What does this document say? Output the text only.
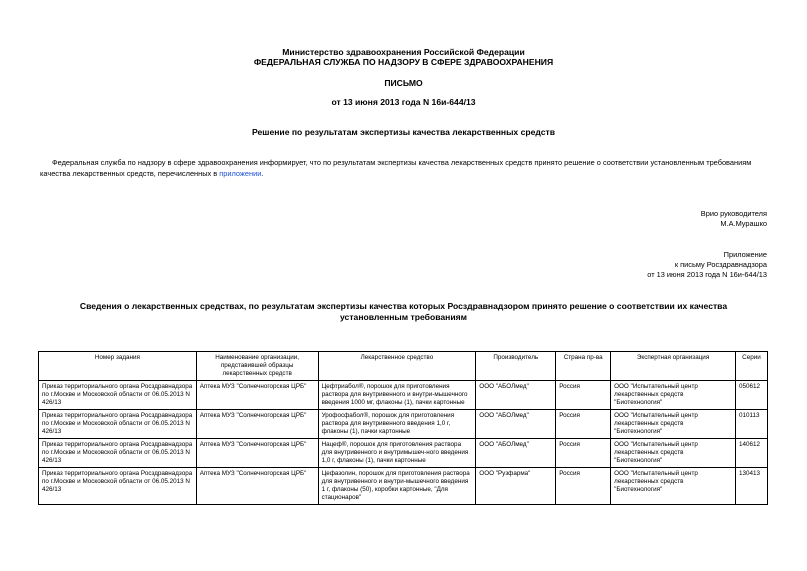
Министерство здравоохранения Российской Федерации
ФЕДЕРАЛЬНАЯ СЛУЖБА ПО НАДЗОРУ В СФЕРЕ ЗДРАВООХРАНЕНИЯ
ПИСЬМО
от 13 июня 2013 года N 16и-644/13
Решение по результатам экспертизы качества лекарственных средств
Федеральная служба по надзору в сфере здравоохранения информирует, что по результатам экспертизы качества лекарственных средств принято решение о соответствии установленным требованиям качества лекарственных средств, перечисленных в приложении.
Врио руководителя
М.А.Мурашко
Приложение
к письму Росздравнадзора
от 13 июня 2013 года N 16и-644/13
Сведения о лекарственных средствах, по результатам экспертизы качества которых Росздравнадзором принято решение о соответствии их качества установленным требованиям
Номер задания	Наименование организации, представившей образцы лекарственных средств	Лекарственное средство	Производитель	Страна пр-ва	Экспертная организация	Серии
Приказ территориального органа Росздравнадзора по г.Москве и Московской области от 06.05.2013 N 426/13	Аптека МУЗ "Солнечногорская ЦРБ"	Цефтриабол®, порошок для приготовления раствора для внутривенного и внутри-мышечного введения 1000 мг, флаконы (1), пачки картонные	ООО "АБОЛмед"	Россия	ООО "Испытательный центр лекарственных средств "Биотехнология"	050612
Приказ территориального органа Росздравнадзора по г.Москве и Московской области от 06.05.2013 N 426/13	Аптека МУЗ "Солнечногорская ЦРБ"	Урофосфабол®, порошок для приготовления раствора для внутривенного введения 1,0 г, флаконы (1), пачки картонные	ООО "АБОЛмед"	Россия	ООО "Испытательный центр лекарственных средств "Биотехнология"	010113
Приказ территориального органа Росздравнадзора по г.Москве и Московской области от 06.05.2013 N 426/13	Аптека МУЗ "Солнечногорская ЦРБ"	Нацеф®, порошок для приготовления раствора для внутривенного и внутримышеч-ного введения 1,0 г, флаконы (1), пачки картонные	ООО "АБОЛмед"	Россия	ООО "Испытательный центр лекарственных средств "Биотехнология"	140612
Приказ территориального органа Росздравнадзора по г.Москве и Московской области от 06.05.2013 N 426/13	Аптека МУЗ "Солнечногорская ЦРБ"	Цефазолин, порошок для приготовления раствора для внутривенного и внутри-мышечного введения 1 г, флаконы (50), коробки картонные, "Для стационаров"	ООО "Рузфарма"	Россия	ООО "Испытательный центр лекарственных средств "Биотехнология"	130413
